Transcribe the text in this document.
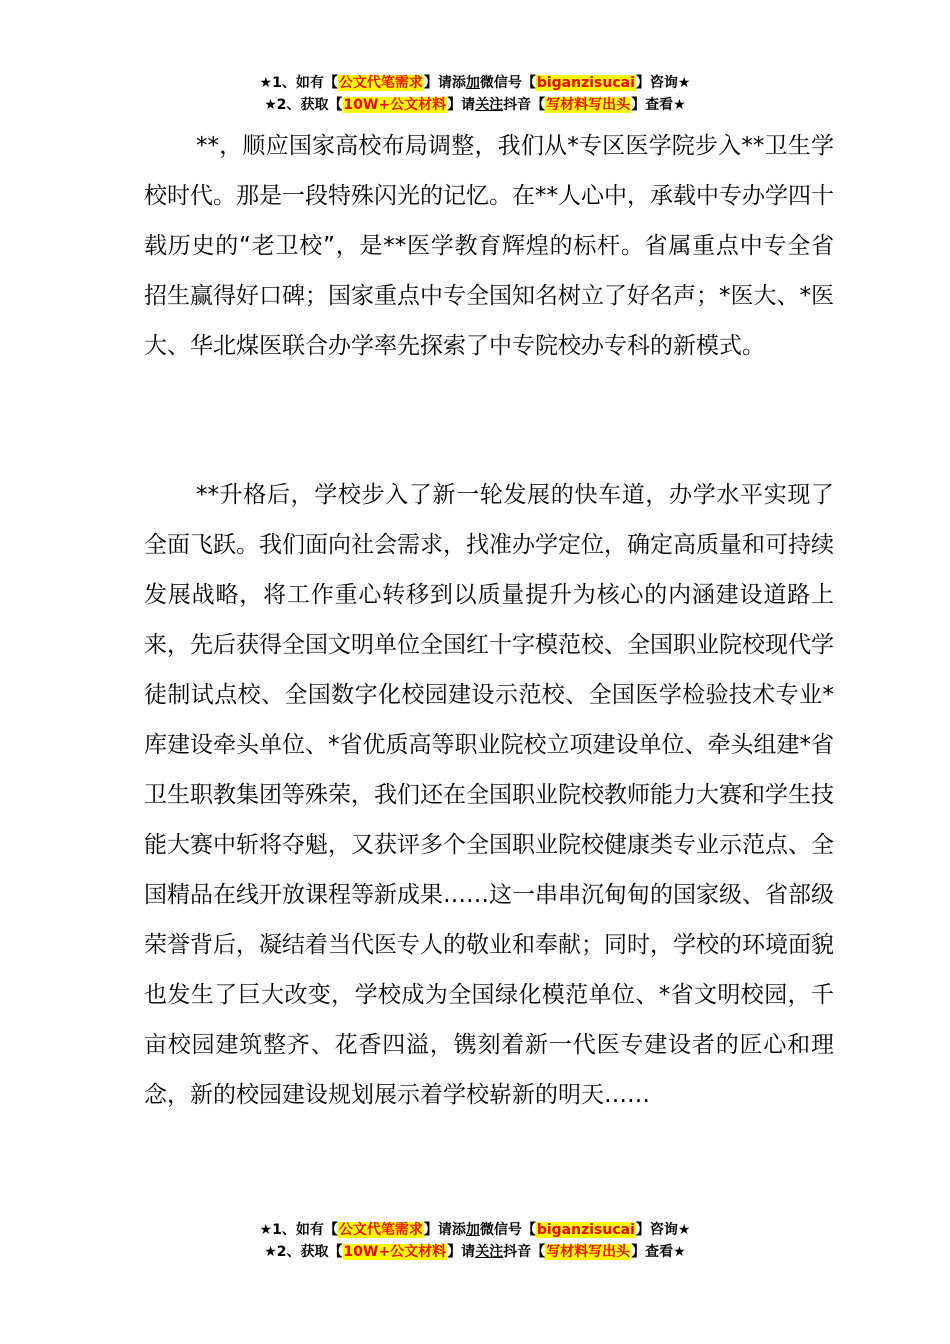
★1、如有【公文代笔需求】请添加微信号【biganzisucai】咨询★
★2、获取【10W+公文材料】请关注抖音【写材料写出头】查看★

**，顺应国家高校布局调整，我们从*专区医学院步入**卫生学校时代。那是一段特殊闪光的记忆。在**人心中，承载中专办学四十载历史的“老卫校”，是**医学教育辉煌的标杆。省属重点中专全省招生赢得好口碑；国家重点中专全国知名树立了好名声；*医大、*医大、华北煤医联合办学率先探索了中专院校办专科的新模式。

**升格后，学校步入了新一轮发展的快车道，办学水平实现了全面飞跃。我们面向社会需求，找准办学定位，确定高质量和可持续发展战略，将工作重心转移到以质量提升为核心的内涵建设道路上来，先后获得全国文明单位全国红十字模范校、全国职业院校现代学徒制试点校、全国数字化校园建设示范校、全国医学检验技术专业*库建设牵头单位、*省优质高等职业院校立项建设单位、牵头组建*省卫生职教集团等殊荣，我们还在全国职业院校教师能力大赛和学生技能大赛中斩将夺魁，又获评多个全国职业院校健康类专业示范点、全国精品在线开放课程等新成果……这一串串沉甸甸的国家级、省部级荣誉背后，凝结着当代医专人的敬业和奉献；同时，学校的环境面貌也发生了巨大改变，学校成为全国绿化模范单位、*省文明校园，千亩校园建筑整齐、花香四溢，镌刻着新一代医专建设者的匠心和理念，新的校园建设规划展示着学校崭新的明天……

★1、如有【公文代笔需求】请添加微信号【biganzisucai】咨询★
★2、获取【10W+公文材料】请关注抖音【写材料写出头】查看★
